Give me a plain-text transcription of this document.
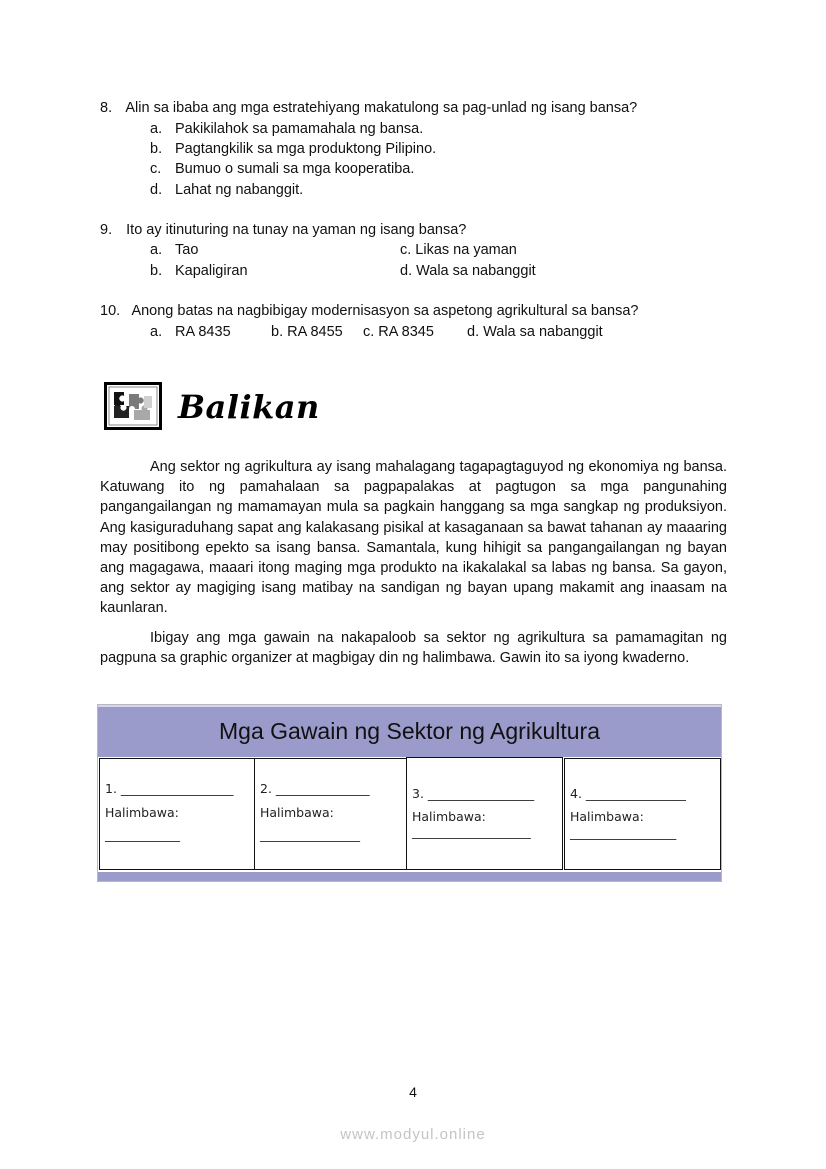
8. Alin sa ibaba ang mga estratehiyang makatulong sa pag-unlad ng isang bansa?
a. Pakikilahok sa pamamahala ng bansa.
b. Pagtangkilik sa mga produktong Pilipino.
c. Bumuo o sumali sa mga kooperatiba.
d. Lahat ng nabanggit.
9. Ito ay itinuturing na tunay na yaman ng isang bansa?
a. Tao	c. Likas na yaman
b. Kapaligiran	d. Wala sa nabanggit
10. Anong batas na nagbibigay modernisasyon sa aspetong agrikultural sa bansa?
a. RA 8435	b. RA 8455 c. RA 8345 d. Wala sa nabanggit
Balikan
Ang sektor ng agrikultura ay isang mahalagang tagapagtaguyod ng ekonomiya ng bansa. Katuwang ito ng pamahalaan sa pagpapalakas at pagtugon sa mga pangunahing pangangailangan ng mamamayan mula sa pagkain hanggang sa mga sangkap ng produksiyon. Ang kasiguraduhang sapat ang kalakasang pisikal at kasaganaan sa bawat tahanan ay maaaring may positibong epekto sa isang bansa. Samantala, kung hihigit sa pangangailangan ng bayan ang magagawa, maaari itong maging mga produkto na ikakalakal sa labas ng bansa. Sa gayon, ang sektor ay magiging isang matibay na sandigan ng bayan upang makamit ang inaasam na kaunlaran.
Ibigay ang mga gawain na nakapaloob sa sektor ng agrikultura sa pamamagitan ng pagpuna sa graphic organizer at magbigay din ng halimbawa. Gawin ito sa iyong kwaderno.
Mga Gawain ng Sektor ng Agrikultura
1. __________________
Halimbawa:
____________
2. _______________
Halimbawa:
________________
3. _________________
Halimbawa:
___________________
4. ________________
Halimbawa:
_________________
4
www.modyul.online
